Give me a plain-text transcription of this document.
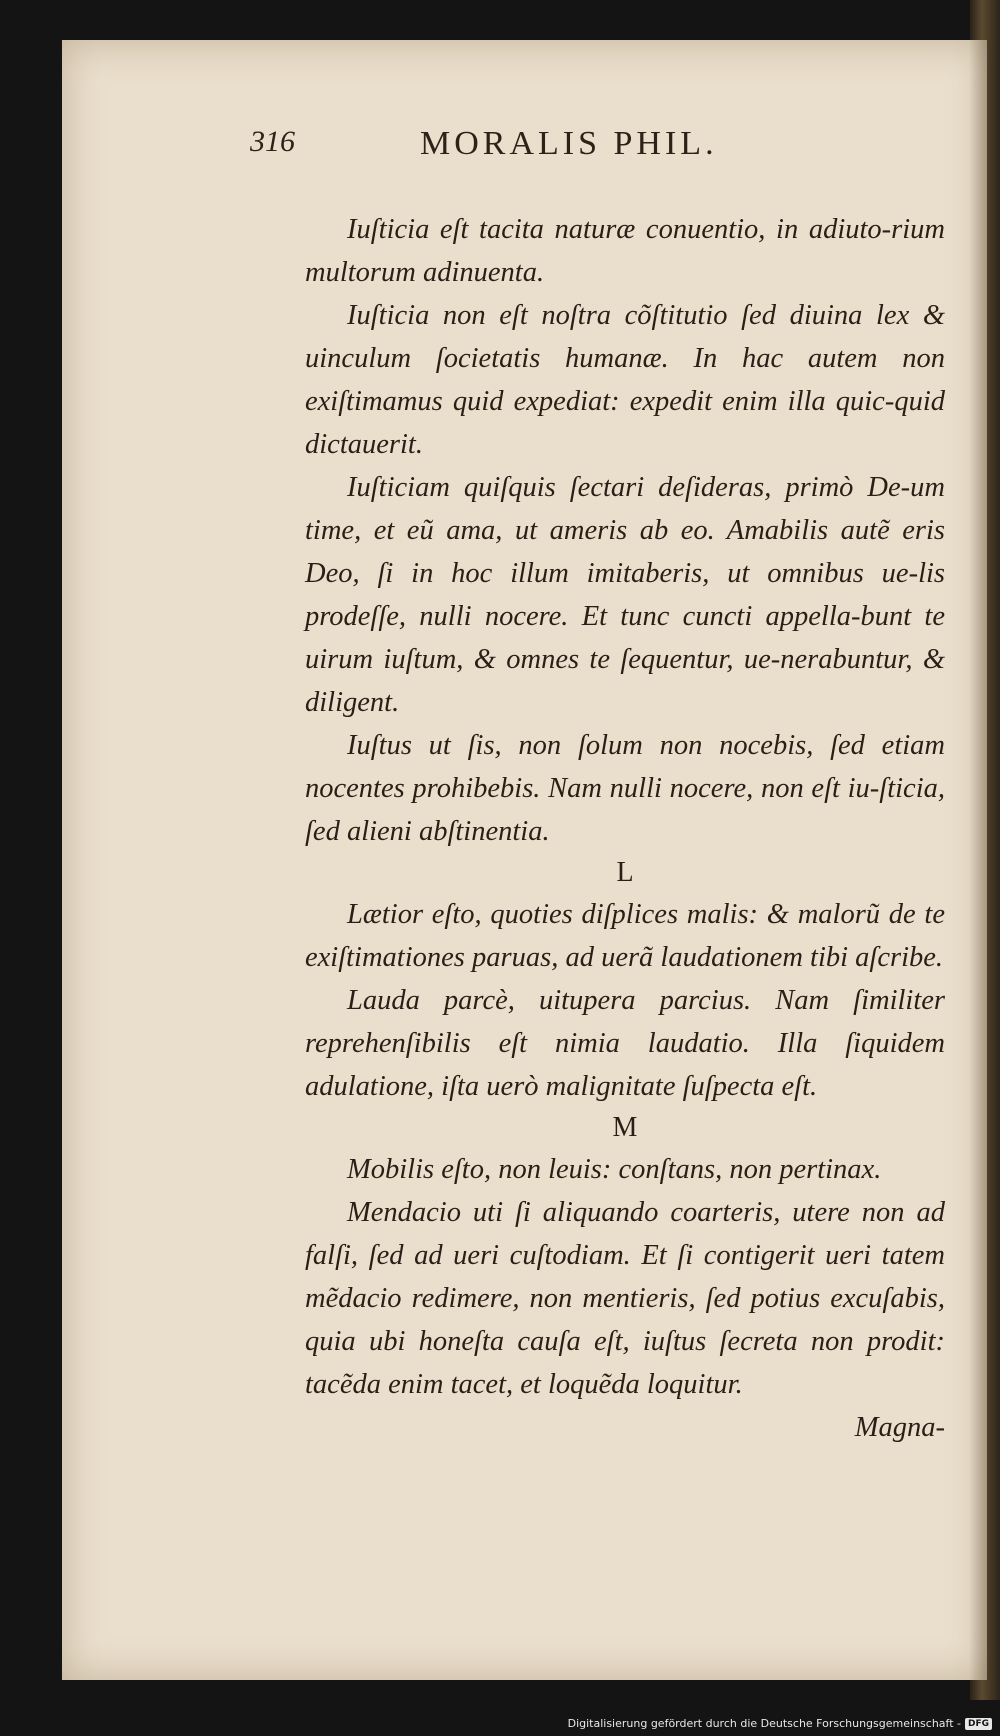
316	MORALIS PHIL.

Iuſticia eſt tacita naturæ conuentio, in adiuto-rium multorum adinuenta.

Iuſticia non eſt noſtra cõſtitutio ſed diuina lex & uinculum ſocietatis humanæ. In hac autem non exiſtimamus quid expediat: expedit enim illa quic-quid dictauerit.

Iuſticiam quiſquis ſectari deſideras, primò De-um time, et eũ ama, ut ameris ab eo. Amabilis autẽ eris Deo, ſi in hoc illum imitaberis, ut omnibus ue-lis prodeſſe, nulli nocere. Et tunc cuncti appella-bunt te uirum iuſtum, & omnes te ſequentur, ue-nerabuntur, & diligent.

Iuſtus ut ſis, non ſolum non nocebis, ſed etiam nocentes prohibebis. Nam nulli nocere, non eſt iu-ſticia, ſed alieni abſtinentia.

L

Lætior eſto, quoties diſplices malis: & malorũ de te exiſtimationes paruas, ad uerã laudationem tibi aſcribe.

Lauda parcè, uitupera parcius. Nam ſimiliter reprehenſibilis eſt nimia laudatio. Illa ſiquidem adulatione, iſta uerò malignitate ſuſpecta eſt.

M

Mobilis eſto, non leuis: conſtans, non pertinax.

Mendacio uti ſi aliquando coarteris, utere non ad falſi, ſed ad ueri cuſtodiam. Et ſi contigerit ueri tatem mẽdacio redimere, non mentieris, ſed potius excuſabis, quia ubi honeſta cauſa eſt, iuſtus ſecreta non prodit: tacẽda enim tacet, et loquẽda loquitur.

Magna-

Digitalisierung gefördert durch die Deutsche Forschungsgemeinschaft - DFG
